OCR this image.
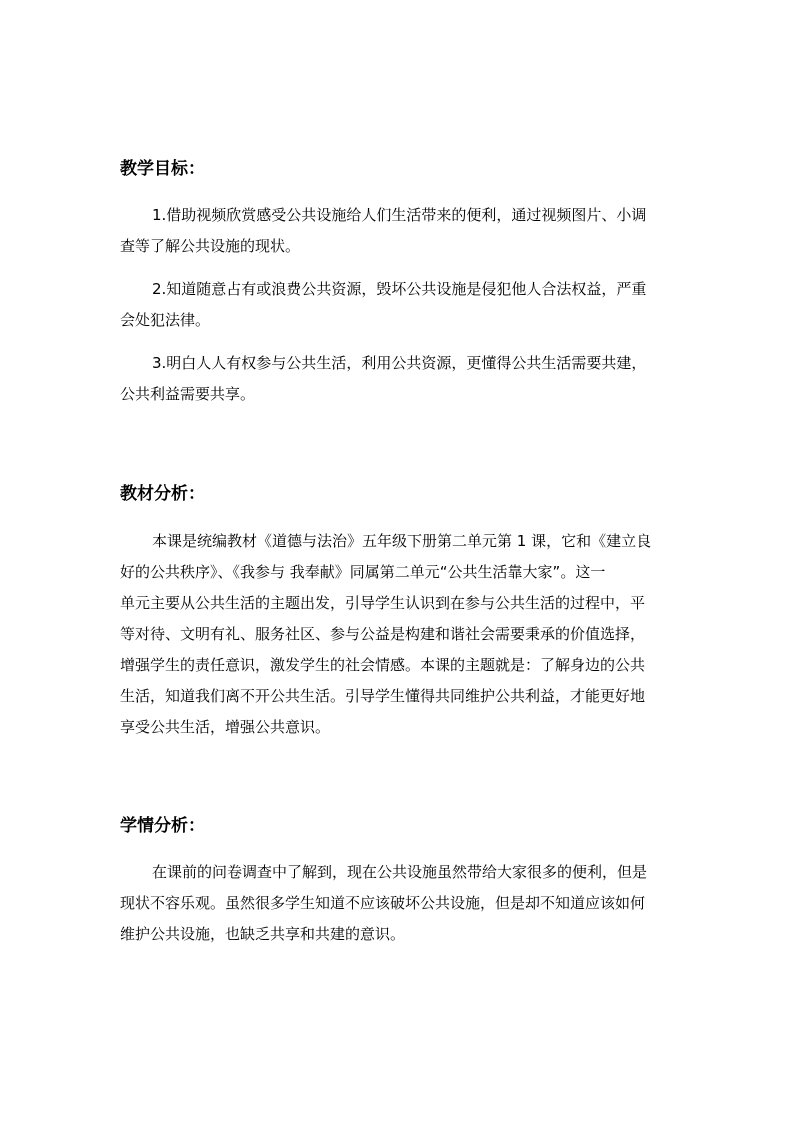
教学目标：
1.借助视频欣赏感受公共设施给人们生活带来的便利，通过视频图片、小调
查等了解公共设施的现状。
2.知道随意占有或浪费公共资源，毁坏公共设施是侵犯他人合法权益，严重
会处犯法律。
3.明白人人有权参与公共生活，利用公共资源，更懂得公共生活需要共建，
公共利益需要共享。
教材分析：
本课是统编教材《道德与法治》五年级下册第二单元第 1 课，它和《建立良
好的公共秩序》、《我参与 我奉献》同属第二单元“公共生活靠大家”。这一
单元主要从公共生活的主题出发，引导学生认识到在参与公共生活的过程中，平
等对待、文明有礼、服务社区、参与公益是构建和谐社会需要秉承的价值选择，
增强学生的责任意识，激发学生的社会情感。本课的主题就是：了解身边的公共
生活，知道我们离不开公共生活。引导学生懂得共同维护公共利益，才能更好地
享受公共生活，增强公共意识。
学情分析：
在课前的问卷调查中了解到，现在公共设施虽然带给大家很多的便利，但是
现状不容乐观。虽然很多学生知道不应该破坏公共设施，但是却不知道应该如何
维护公共设施，也缺乏共享和共建的意识。
